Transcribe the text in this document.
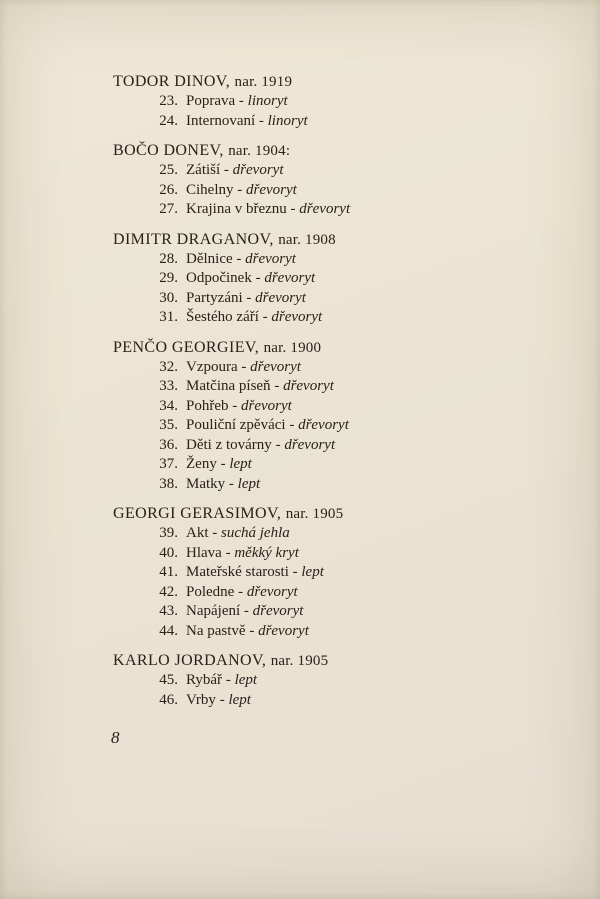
TODOR DINOV, nar. 1919
23. Poprava - linoryt
24. Internovaní - linoryt
BOČO DONEV, nar. 1904:
25. Zátiší - dřevoryt
26. Cihelny - dřevoryt
27. Krajina v březnu - dřevoryt
DIMITR DRAGANOV, nar. 1908
28. Dělnice - dřevoryt
29. Odpočinek - dřevoryt
30. Partyzáni - dřevoryt
31. Šestého září - dřevoryt
PENČO GEORGIEV, nar. 1900
32. Vzpoura - dřevoryt
33. Matčina píseň - dřevoryt
34. Pohřeb - dřevoryt
35. Pouliční zpěváci - dřevoryt
36. Děti z továrny - dřevoryt
37. Ženy - lept
38. Matky - lept
GEORGI GERASIMOV, nar. 1905
39. Akt - suchá jehla
40. Hlava - měkký kryt
41. Mateřské starosti - lept
42. Poledne - dřevoryt
43. Napájení - dřevoryt
44. Na pastvě - dřevoryt
KARLO JORDANOV, nar. 1905
45. Rybář - lept
46. Vrby - lept
8
